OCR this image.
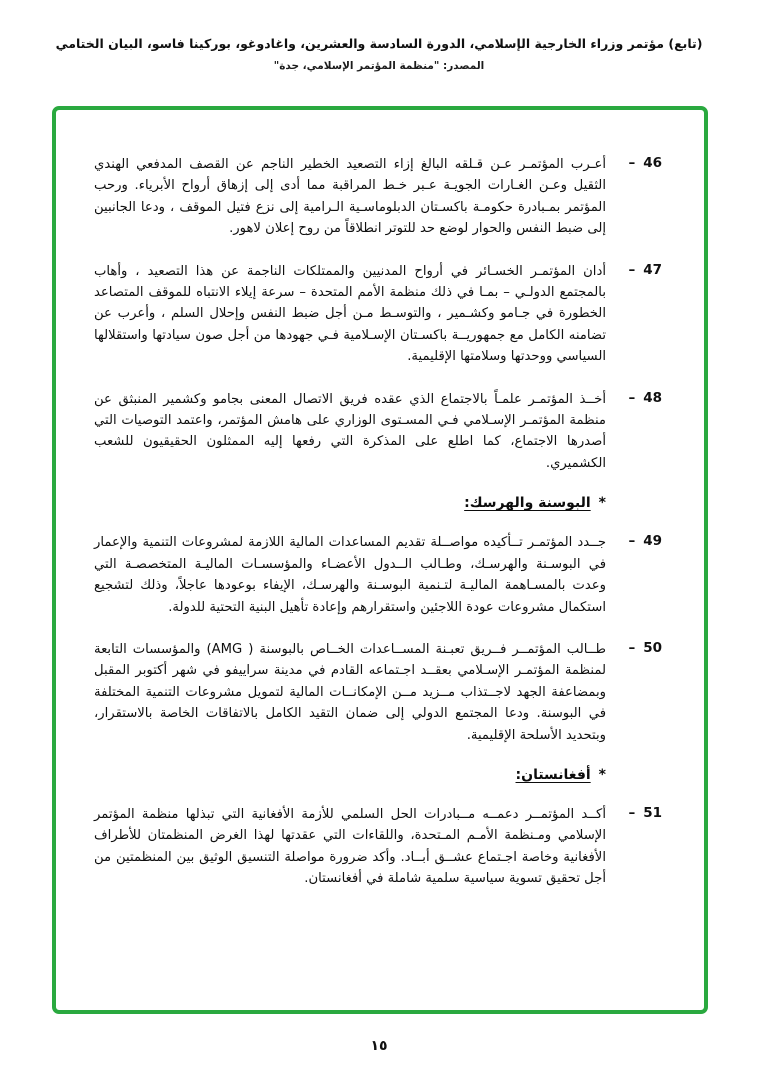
(تابع) مؤتمر وزراء الخارجية الإسلامي، الدورة السادسة والعشرين، واغادوغو، بوركينا فاسو، البيان الختامي
المصدر: "منظمة المؤتمر الإسلامي، جدة"
46
–
أعـرب المؤتمـر عـن قـلقه البالغ إزاء التصعيد الخطير الناجم عن القصف المدفعي الهندي الثقيل وعـن الغـارات الجويـة عـبر خـط المراقبة مما أدى إلى إزهاق أرواح الأبرياء. ورحب المؤتمر بمـبادرة حكومـة باكسـتان الدبلوماسـية الـرامية إلى نزع فتيل الموقف ، ودعا الجانبين إلى ضبط النفس والحوار لوضع حد للتوتر انطلاقاً من روح إعلان لاهور.
47
–
أدان المؤتمـر الخسـائر في أرواح المدنيين والممتلكات الناجمة عن هذا التصعيد ، وأهاب بالمجتمع الدولـي – بمـا في ذلك منظمة الأمم المتحدة – سرعة إيلاء الانتباه للموقف المتصاعد الخطورة في جـامو وكشـمير ، والتوسـط مـن أجل ضبط النفس وإحلال السلم ، وأعرب عن تضامنه الكامل مع جمهوريــة باكسـتان الإسـلامية فـي جهودها من أجل صون سيادتها واستقلالها السياسي ووحدتها وسلامتها الإقليمية.
48
–
أخــذ المؤتمـر علمـاً بالاجتماع الذي عقده فريق الاتصال المعنى بجامو وكشمير المنبثق عن منظمة المؤتمـر الإسـلامي فـي المسـتوى الوزاري على هامش المؤتمر، واعتمد التوصيات التي أصدرها الاجتماع، كما اطلع على المذكرة التي رفعها إليه الممثلون الحقيقيون للشعب الكشميري.
*
البوسنة والهرسك:
49
–
جــدد المؤتمـر تــأكيده مواصــلة تقديم المساعدات المالية اللازمة لمشروعات التنمية والإعمار في البوسـنة والهرسـك، وطـالب الــدول الأعضـاء والمؤسسـات الماليـة المتخصصـة التي وعدت بالمسـاهمة الماليـة لتـنمية البوسـنة والهرسـك، الإيفاء بوعودها عاجلاً، وذلك لتشجيع استكمال مشروعات عودة اللاجئين واستقرارهم وإعادة تأهيل البنية التحتية للدولة.
50
–
طــالب المؤتمــر فــريق تعبـنة المســاعدات الخــاص بالبوسنة ( AMG) والمؤسسات التابعة لمنظمة المؤتمـر الإسـلامي بعقــد اجـتماعه القادم في مدينة سراييفو في شهر أكتوبر المقبل وبمضاعفة الجهد لاجــتذاب مــزيد مــن الإمكانــات المالية لتمويل مشروعات التنمية المختلفة في البوسنة. ودعا المجتمع الدولي إلى ضمان التقيد الكامل بالاتفاقات الخاصة بالاستقرار، وبتحديد الأسلحة الإقليمية.
*
أفغانستان:
51
–
أكــد المؤتمــر دعمــه مــبادرات الحل السلمي للأزمة الأفغانية التي تبذلها منظمة المؤتمر الإسلامي ومـنظمة الأمـم المـتحدة، واللقاءات التي عقدتها لهذا الغرض المنظمتان للأطراف الأفغانية وخاصة اجـتماع عشــق أبــاد. وأكد ضرورة مواصلة التنسيق الوثيق بين المنظمتين من أجل تحقيق تسوية سياسية سلمية شاملة في أفغانستان.
١٥
